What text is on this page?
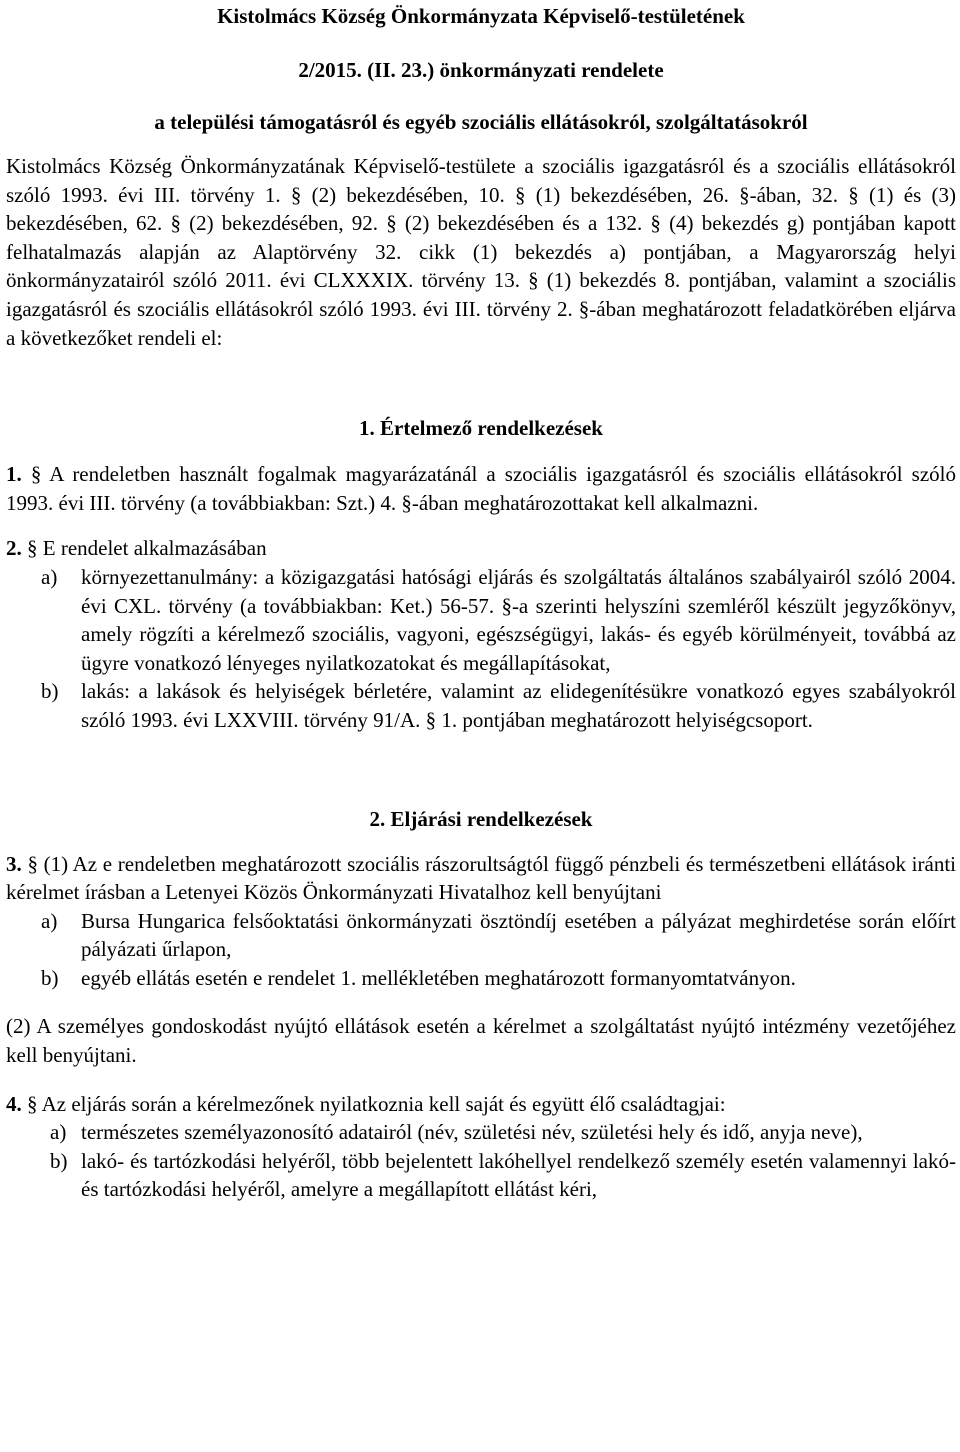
Kistolmács Község Önkormányzata Képviselő-testületének

2/2015. (II. 23.) önkormányzati rendelete

a települési támogatásról és egyéb szociális ellátásokról, szolgáltatásokról

Kistolmács Község Önkormányzatának Képviselő-testülete a szociális igazgatásról és a szociális ellátásokról szóló 1993. évi III. törvény 1. § (2) bekezdésében, 10. § (1) bekezdésében, 26. §-ában, 32. § (1) és (3) bekezdésében, 62. § (2) bekezdésében, 92. § (2) bekezdésében és a 132. § (4) bekezdés g) pontjában kapott felhatalmazás alapján az Alaptörvény 32. cikk (1) bekezdés a) pontjában, a Magyarország helyi önkormányzatairól szóló 2011. évi CLXXXIX. törvény 13. § (1) bekezdés 8. pontjában, valamint a szociális igazgatásról és szociális ellátásokról szóló 1993. évi III. törvény 2. §-ában meghatározott feladatkörében eljárva a következőket rendeli el:

1. Értelmező rendelkezések

1. § A rendeletben használt fogalmak magyarázatánál a szociális igazgatásról és szociális ellátásokról szóló 1993. évi III. törvény (a továbbiakban: Szt.) 4. §-ában meghatározottakat kell alkalmazni.

2. § E rendelet alkalmazásában

a) környezettanulmány: a közigazgatási hatósági eljárás és szolgáltatás általános szabályairól szóló 2004. évi CXL. törvény (a továbbiakban: Ket.) 56-57. §-a szerinti helyszíni szemléről készült jegyzőkönyv, amely rögzíti a kérelmező szociális, vagyoni, egészségügyi, lakás- és egyéb körülményeit, továbbá az ügyre vonatkozó lényeges nyilatkozatokat és megállapításokat,
b) lakás: a lakások és helyiségek bérletére, valamint az elidegenítésükre vonatkozó egyes szabályokról szóló 1993. évi LXXVIII. törvény 91/A. § 1. pontjában meghatározott helyiségcsoport.

2. Eljárási rendelkezések

3. § (1) Az e rendeletben meghatározott szociális rászorultságtól függő pénzbeli és természetbeni ellátások iránti kérelmet írásban a Letenyei Közös Önkormányzati Hivatalhoz kell benyújtani

a) Bursa Hungarica felsőoktatási önkormányzati ösztöndíj esetében a pályázat meghirdetése során előírt pályázati űrlapon,
b) egyéb ellátás esetén e rendelet 1. mellékletében meghatározott formanyomtatványon.

(2) A személyes gondoskodást nyújtó ellátások esetén a kérelmet a szolgáltatást nyújtó intézmény vezetőjéhez kell benyújtani.

4. § Az eljárás során a kérelmezőnek nyilatkoznia kell saját és együtt élő családtagjai:

a) természetes személyazonosító adatairól (név, születési név, születési hely és idő, anyja neve),
b) lakó- és tartózkodási helyéről, több bejelentett lakóhellyel rendelkező személy esetén valamennyi lakó- és tartózkodási helyéről, amelyre a megállapított ellátást kéri,
